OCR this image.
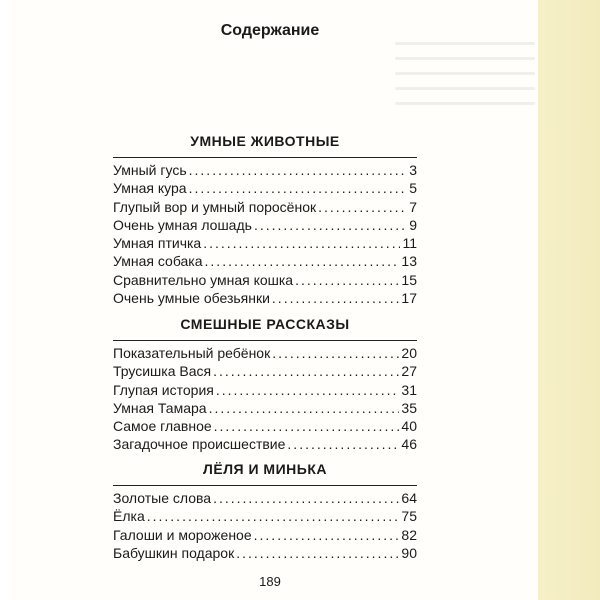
Содержание
УМНЫЕ ЖИВОТНЫЕ
Умный гусь .....	3
Умная кура .....	5
Глупый вор и умный поросёнок .....	7
Очень умная лошадь .....	9
Умная птичка .....	11
Умная собака .....	13
Сравнительно умная кошка .....	15
Очень умные обезьянки .....	17
СМЕШНЫЕ РАССКАЗЫ
Показательный ребёнок .....	20
Трусишка Вася .....	27
Глупая история .....	31
Умная Тамара .....	35
Самое главное .....	40
Загадочное происшествие .....	46
ЛЁЛЯ И МИНЬКА
Золотые слова .....	64
Ёлка .....	75
Галоши и мороженое .....	82
Бабушкин подарок .....	90
189
